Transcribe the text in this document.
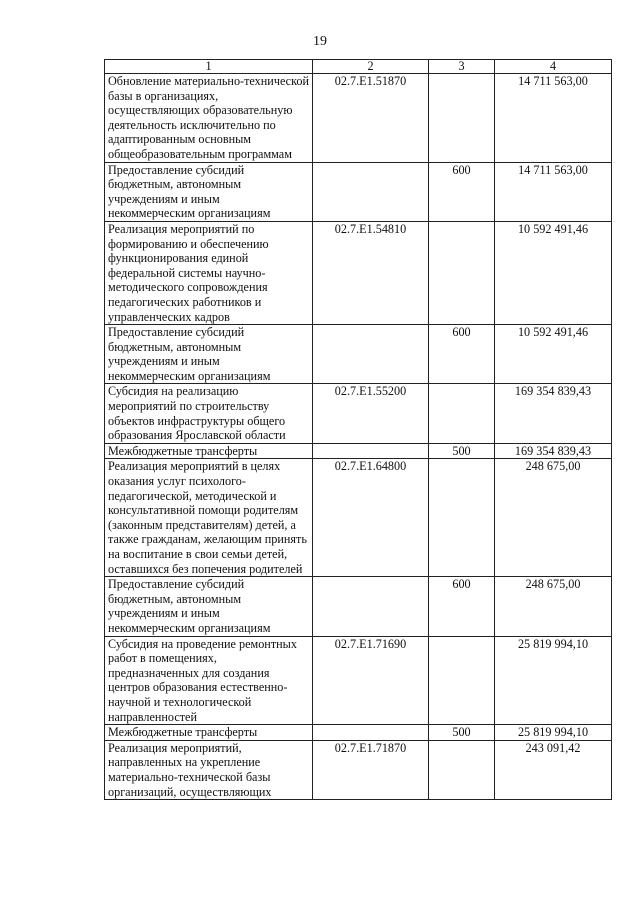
19
1	2	3	4
Обновление материально-технической базы в организациях, осуществляющих образовательную деятельность исключительно по адаптированным основным общеобразовательным программам	02.7.E1.51870		14 711 563,00
Предоставление субсидий бюджетным, автономным учреждениям и иным некоммерческим организациям		600	14 711 563,00
Реализация мероприятий по формированию и обеспечению функционирования единой федеральной системы научно-методического сопровождения педагогических работников и управленческих кадров	02.7.E1.54810		10 592 491,46
Предоставление субсидий бюджетным, автономным учреждениям и иным некоммерческим организациям		600	10 592 491,46
Субсидия на реализацию мероприятий по строительству объектов инфраструктуры общего образования Ярославской области	02.7.E1.55200		169 354 839,43
Межбюджетные трансферты		500	169 354 839,43
Реализация мероприятий в целях оказания услуг психолого-педагогической, методической и консультативной помощи родителям (законным представителям) детей, а также гражданам, желающим принять на воспитание в свои семьи детей, оставшихся без попечения родителей	02.7.E1.64800		248 675,00
Предоставление субсидий бюджетным, автономным учреждениям и иным некоммерческим организациям		600	248 675,00
Субсидия на проведение ремонтных работ в помещениях, предназначенных для создания центров образования естественно-научной и технологической направленностей	02.7.E1.71690		25 819 994,10
Межбюджетные трансферты		500	25 819 994,10
Реализация мероприятий, направленных на укрепление материально-технической базы организаций, осуществляющих	02.7.E1.71870		243 091,42
